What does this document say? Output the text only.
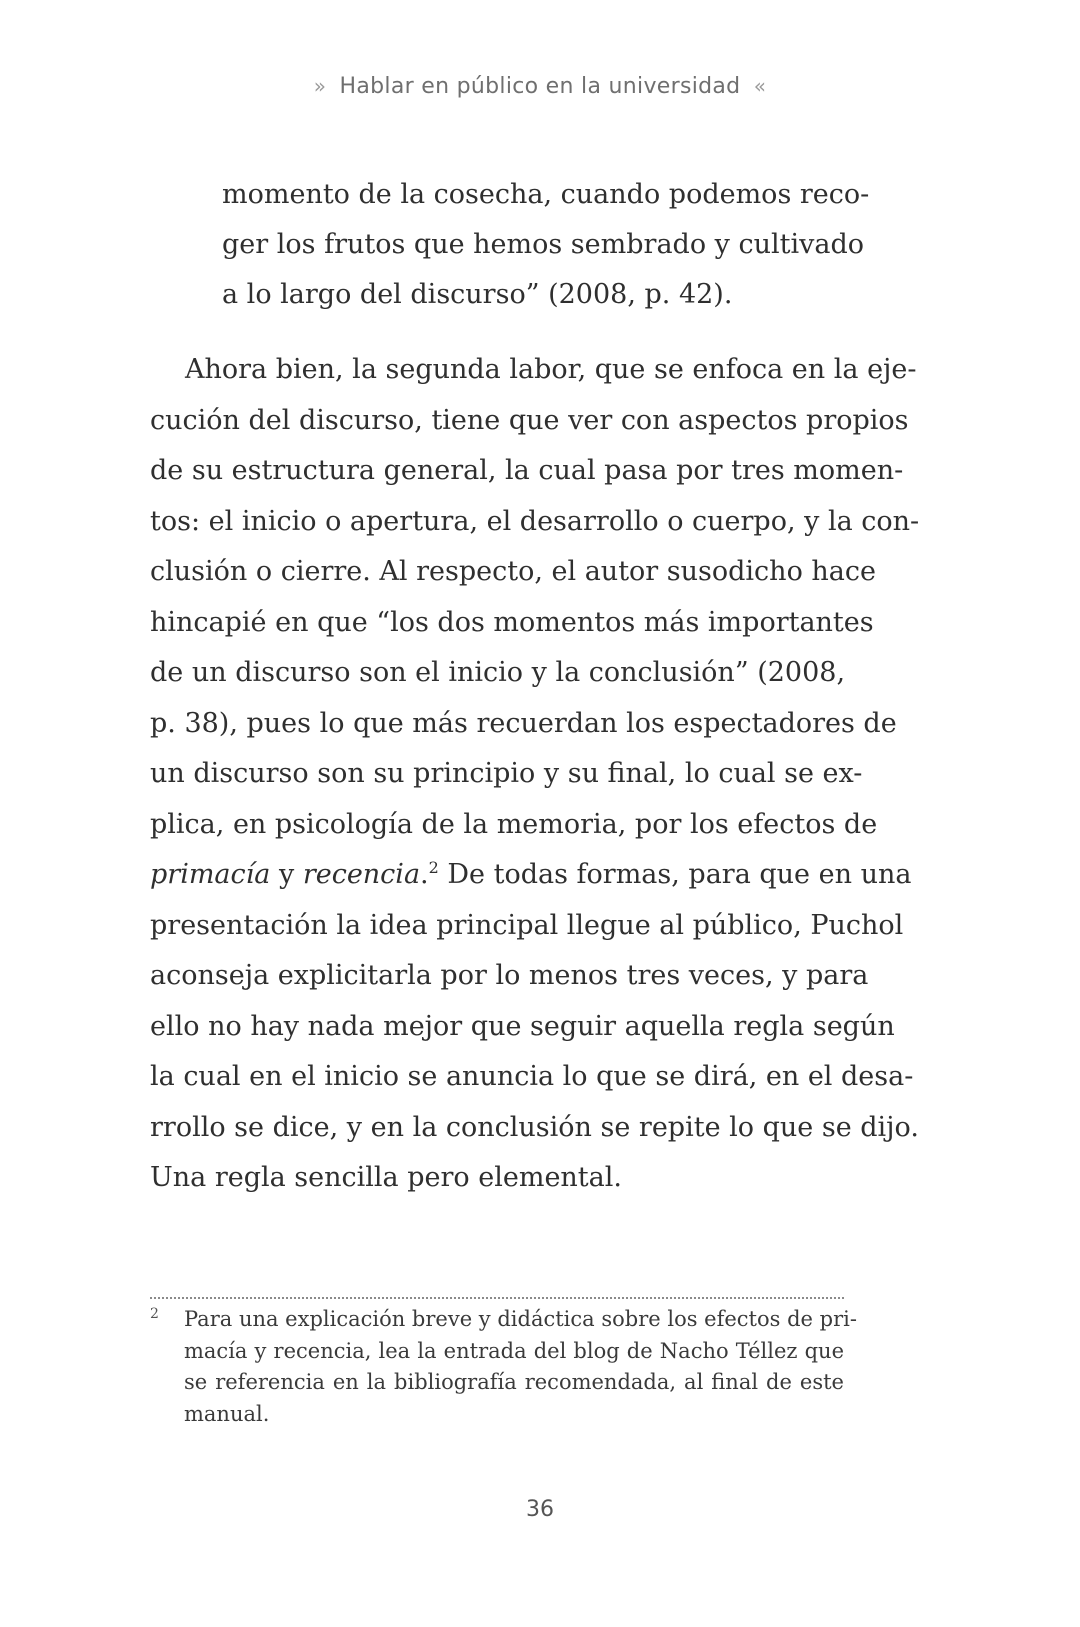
» Hablar en público en la universidad «
momento de la cosecha, cuando podemos reco-
ger los frutos que hemos sembrado y cultivado
a lo largo del discurso” (2008, p. 42).
Ahora bien, la segunda labor, que se enfoca en la eje-
cución del discurso, tiene que ver con aspectos propios
de su estructura general, la cual pasa por tres momen-
tos: el inicio o apertura, el desarrollo o cuerpo, y la con-
clusión o cierre. Al respecto, el autor susodicho hace
hincapié en que “los dos momentos más importantes
de un discurso son el inicio y la conclusión” (2008,
p. 38), pues lo que más recuerdan los espectadores de
un discurso son su principio y su final, lo cual se ex-
plica, en psicología de la memoria, por los efectos de
primacía y recencia.$^2$ De todas formas, para que en una
presentación la idea principal llegue al público, Puchol
aconseja explicitarla por lo menos tres veces, y para
ello no hay nada mejor que seguir aquella regla según
la cual en el inicio se anuncia lo que se dirá, en el desa-
rrollo se dice, y en la conclusión se repite lo que se dijo.
Una regla sencilla pero elemental.
2 Para una explicación breve y didáctica sobre los efectos de pri-
macía y recencia, lea la entrada del blog de Nacho Téllez que
se referencia en la bibliografía recomendada, al final de este
manual.
36
